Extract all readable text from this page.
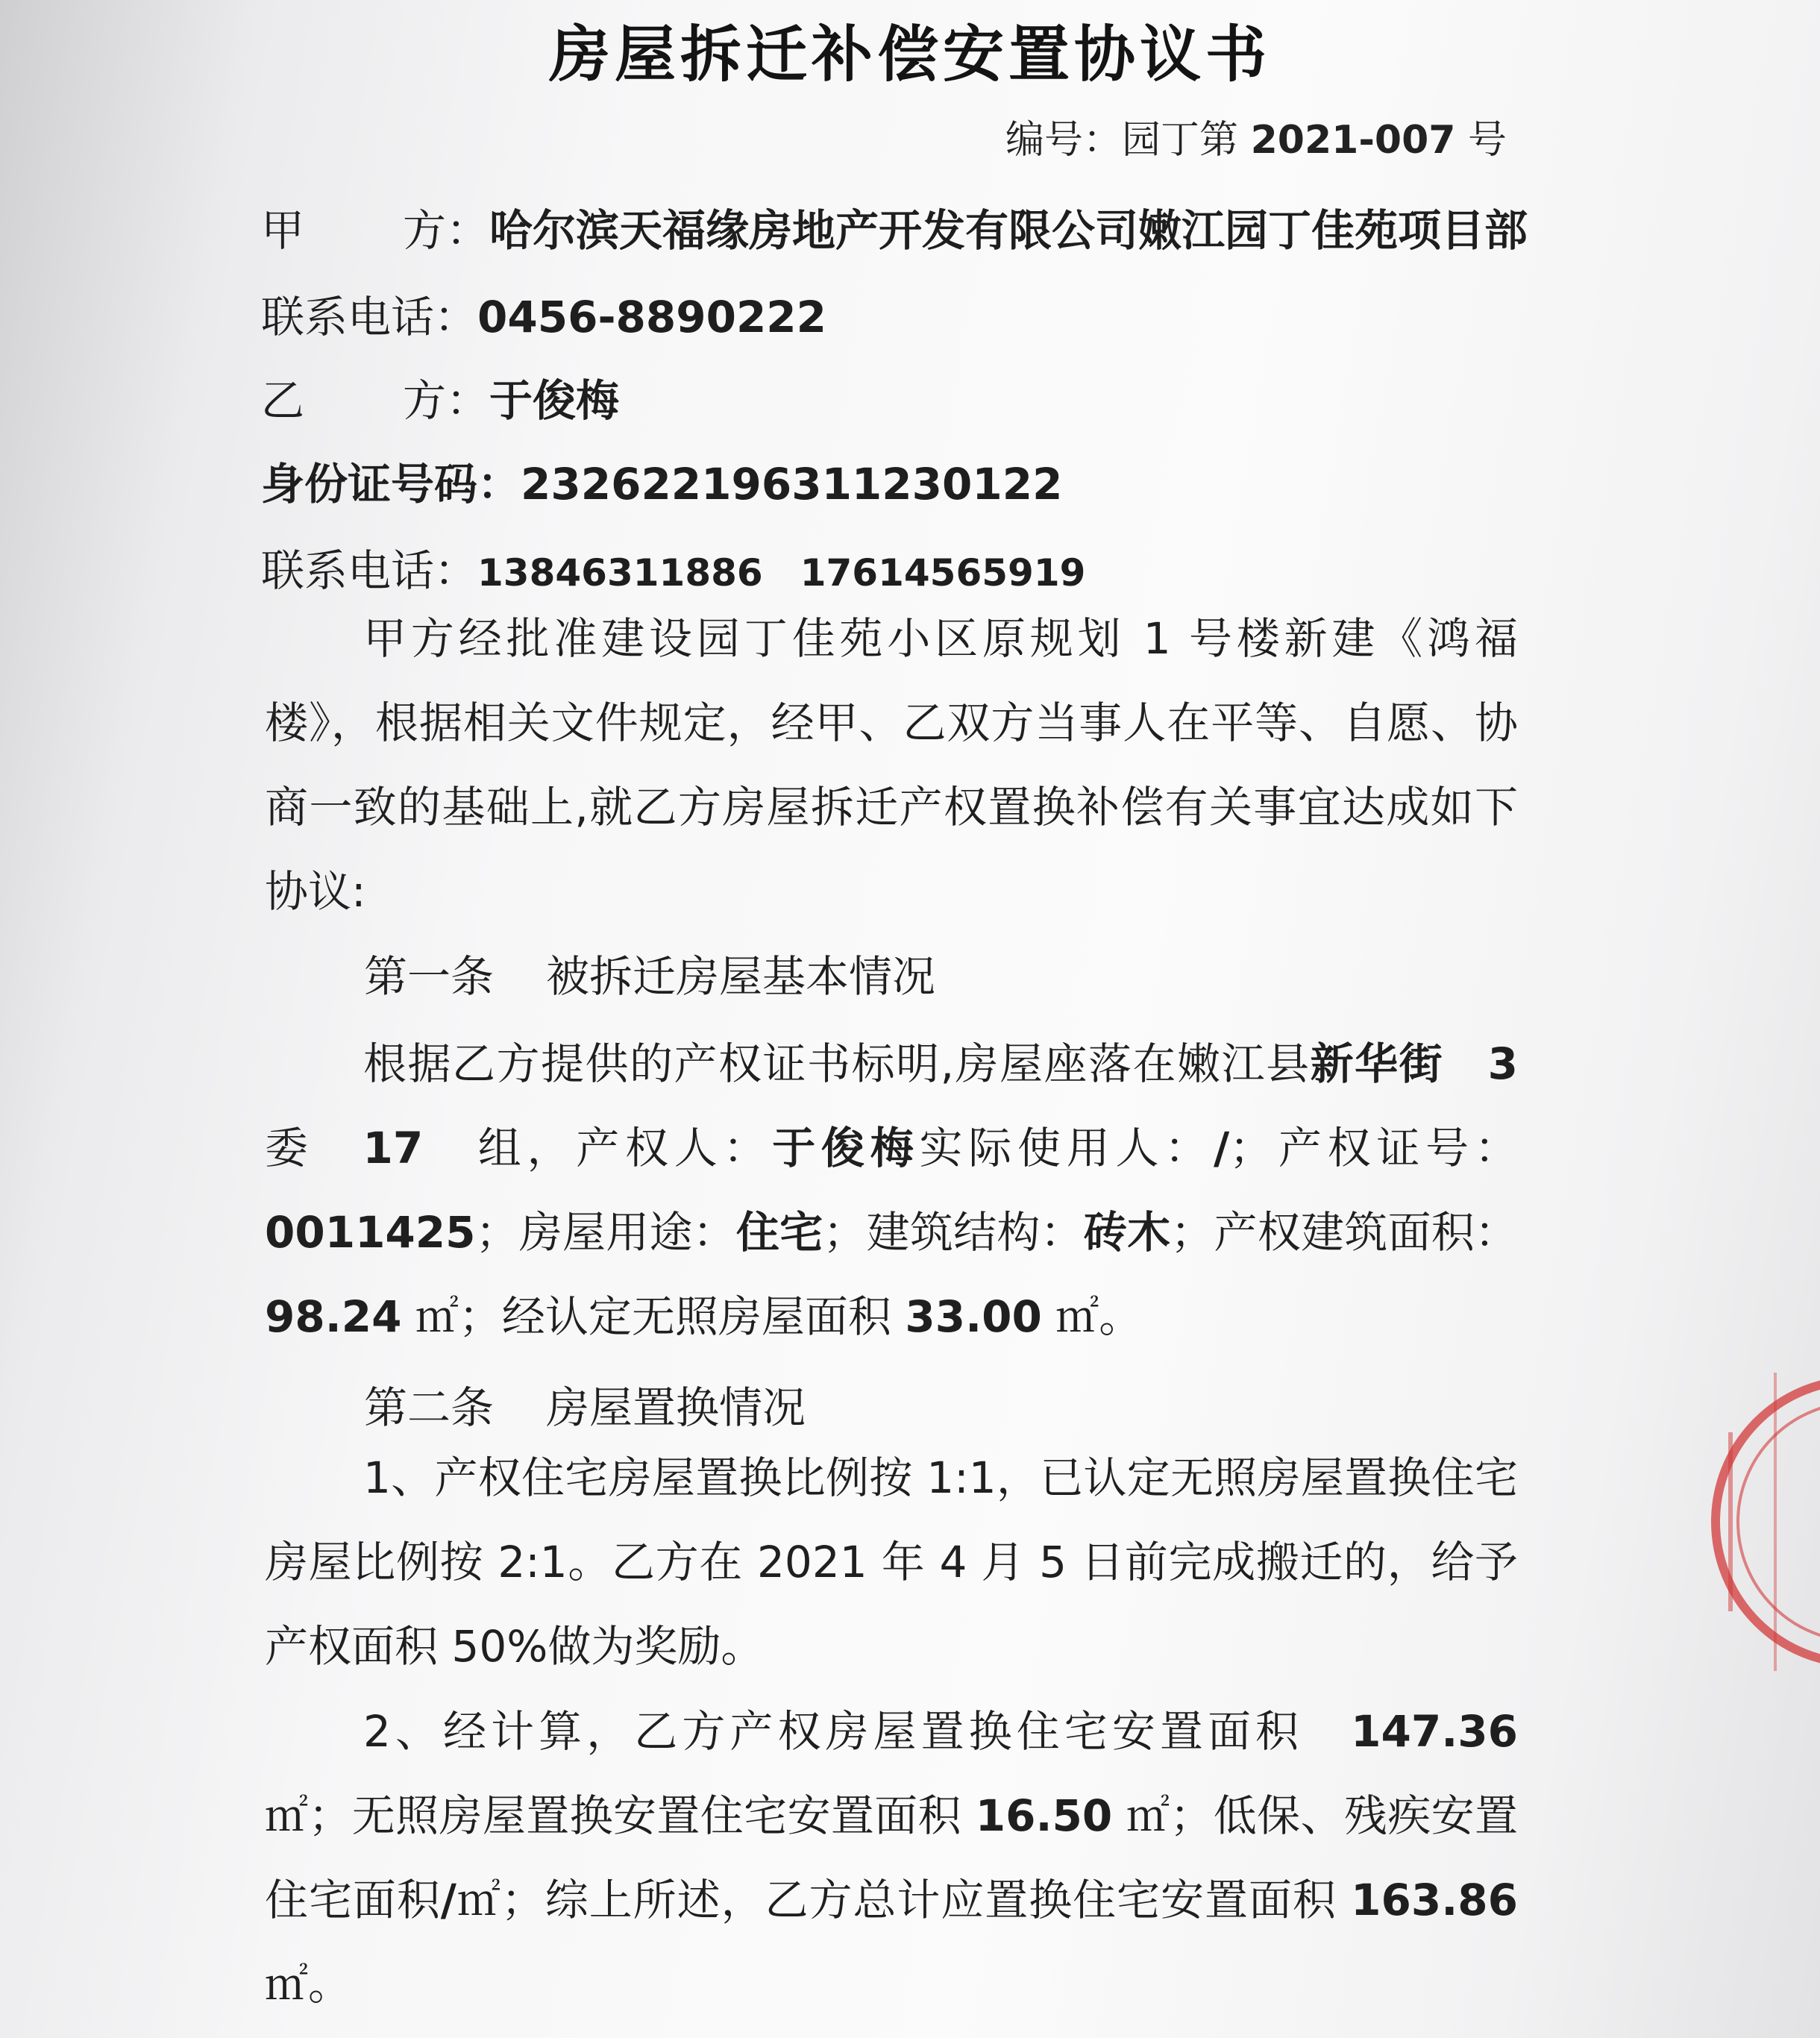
房屋拆迁补偿安置协议书
编号：园丁第 2021-007 号
甲 方：哈尔滨天福缘房地产开发有限公司嫩江园丁佳苑项目部
联系电话：0456-8890222
乙 方：于俊梅
身份证号码：232622196311230122
联系电话：13846311886　17614565919
甲方经批准建设园丁佳苑小区原规划 1 号楼新建《鸿福楼》，根据相关文件规定，经甲、乙双方当事人在平等、自愿、协商一致的基础上,就乙方房屋拆迁产权置换补偿有关事宜达成如下协议:
第一条 被拆迁房屋基本情况
根据乙方提供的产权证书标明,房屋座落在嫩江县新华街　 3　委　 17　 组，产权人：于俊梅实际使用人：/；产权证号：0011425；房屋用途：住宅；建筑结构：砖木；产权建筑面积：98.24 ㎡；经认定无照房屋面积 33.00 ㎡。
第二条 房屋置换情况
1、产权住宅房屋置换比例按 1:1，已认定无照房屋置换住宅房屋比例按 2:1。乙方在 2021 年 4 月 5 日前完成搬迁的，给予产权面积 50%做为奖励。
2、经计算，乙方产权房屋置换住宅安置面积　 147.36 ㎡；无照房屋置换安置住宅安置面积 16.50 ㎡；低保、残疾安置住宅面积/㎡；综上所述，乙方总计应置换住宅安置面积 163.86 ㎡。
